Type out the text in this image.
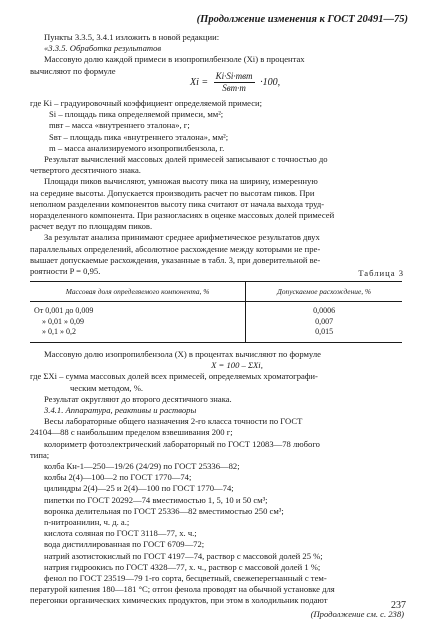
(Продолжение изменения к ГОСТ 20491—75)
Пункты 3.3.5, 3.4.1 изложить в новой редакции:
«3.3.5. Обработка результатов
Массовую долю каждой примеси в изопропилбензоле (Xi) в процентах
вычисляют по формуле
$Xi = \frac{\text{Ki·Si·mвт}}{\text{Sвт·m}} \cdot 100$,
где Ki – градуировочный коэффициент определяемой примеси;
Si – площадь пика определяемой примеси, мм²;
mвт – масса «внутреннего эталона», г;
Sвт – площадь пика «внутреннего эталона», мм²;
m – масса анализируемого изопропилбензола, г.
Результат вычислений массовых долей примесей записывают с точностью до
четвертого десятичного знака.
Площади пиков вычисляют, умножая высоту пика на ширину, измеренную
на середине высоты. Допускается производить расчет по высотам пиков. При
неполном разделении компонентов высоту пика считают от начала выхода труд-
норазделенного компонента. При разногласиях в оценке массовых долей примесей
расчет ведут по площадям пиков.
За результат анализа принимают среднее арифметическое результатов двух
параллельных определений, абсолютное расхождение между которыми не пре-
вышает допускаемые расхождения, указанные в табл. 3, при доверительной ве-
роятности P = 0,95.	Таблица 3
Массовая доля определяемого компонента, %	Допускаемое расхождение, %
От 0,001 до 0,009	0,0006
» 0,01 » 0,09	0,007
» 0,1 » 0,2	0,015
Массовую долю изопропилбензола (X) в процентах вычисляют по формуле
X = 100 – ΣXi,
где ΣXi – сумма массовых долей всех примесей, определяемых хроматографи-
ческим методом, %.
Результат округляют до второго десятичного знака.
3.4.1. Аппаратура, реактивы и растворы
Весы лабораторные общего назначения 2-го класса точности по ГОСТ
24104—88 с наибольшим пределом взвешивания 200 г;
колориметр фотоэлектрический лабораторный по ГОСТ 12083—78 любого
типа;
колба Кн-1—250—19/26 (24/29) по ГОСТ 25336—82;
колбы 2(4)—100—2 по ГОСТ 1770—74;
цилиндры 2(4)—25 и 2(4)—100 по ГОСТ 1770—74;
пипетки по ГОСТ 20292—74 вместимостью 1, 5, 10 и 50 см³;
воронка делительная по ГОСТ 25336—82 вместимостью 250 см³;
n-нитроанилин, ч. д. а.;
кислота соляная по ГОСТ 3118—77, х. ч.;
вода дистиллированная по ГОСТ 6709—72;
натрий азотистокислый по ГОСТ 4197—74, раствор с массовой долей 25 %;
натрия гидроокись по ГОСТ 4328—77, х. ч., раствор с массовой долей 1 %;
фенол по ГОСТ 23519—79 1-го сорта, бесцветный, свежеперегнанный с тем-
пературой кипения 180—181 °С; отгон фенола проводят на обычной установке для
перегонки органических химических продуктов, при этом в холодильник подают
(Продолжение см. с. 238)
237
